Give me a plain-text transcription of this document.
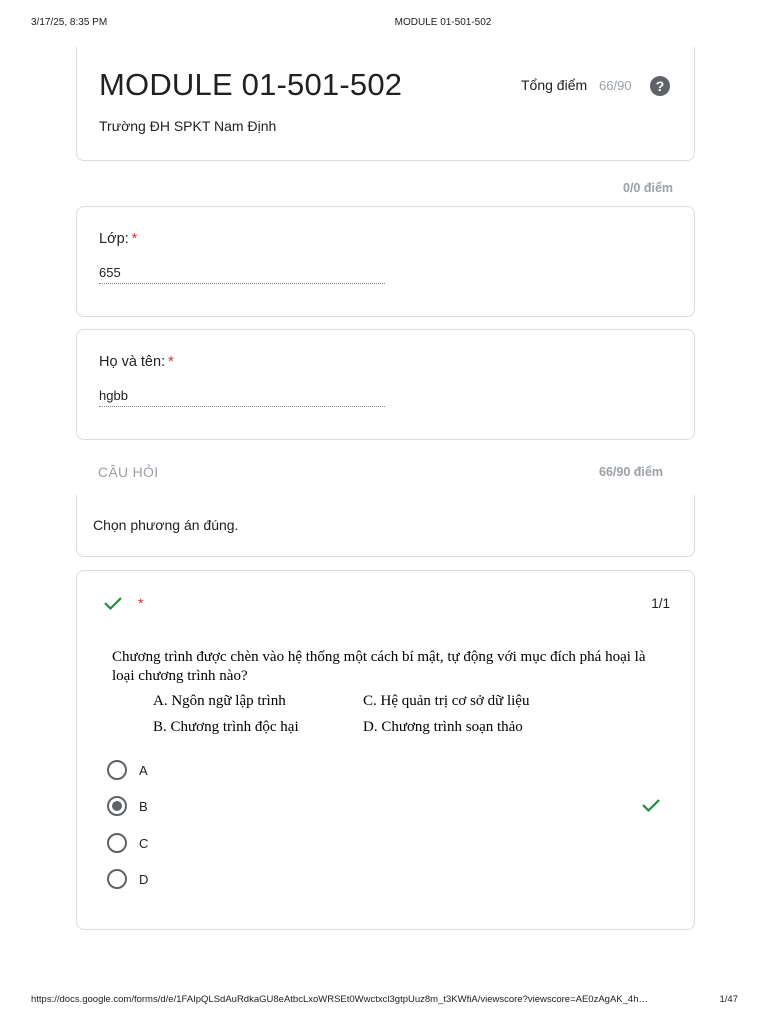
3/17/25, 8:35 PM	MODULE 01-501-502
MODULE 01-501-502
Trường ĐH SPKT Nam Định
Tổng điểm 66/90	?
0/0 điểm
Lớp: *
655
Họ và tên: *
hgbb
CÂU HỎI	66/90 điểm
Chọn phương án đúng.
*	1/1
Chương trình được chèn vào hệ thống một cách bí mật, tự động với mục đích phá hoại là loại chương trình nào?
A. Ngôn ngữ lập trình	C. Hệ quản trị cơ sở dữ liệu
B. Chương trình độc hại	D. Chương trình soạn thảo
A
B
C
D
https://docs.google.com/forms/d/e/1FAIpQLSdAuRdkaGU8eAtbcLxoWRSEt0Wwctxcl3gtpUuz8m_t3KWfiA/viewscore?viewscore=AE0zAgAK_4h…	1/47
